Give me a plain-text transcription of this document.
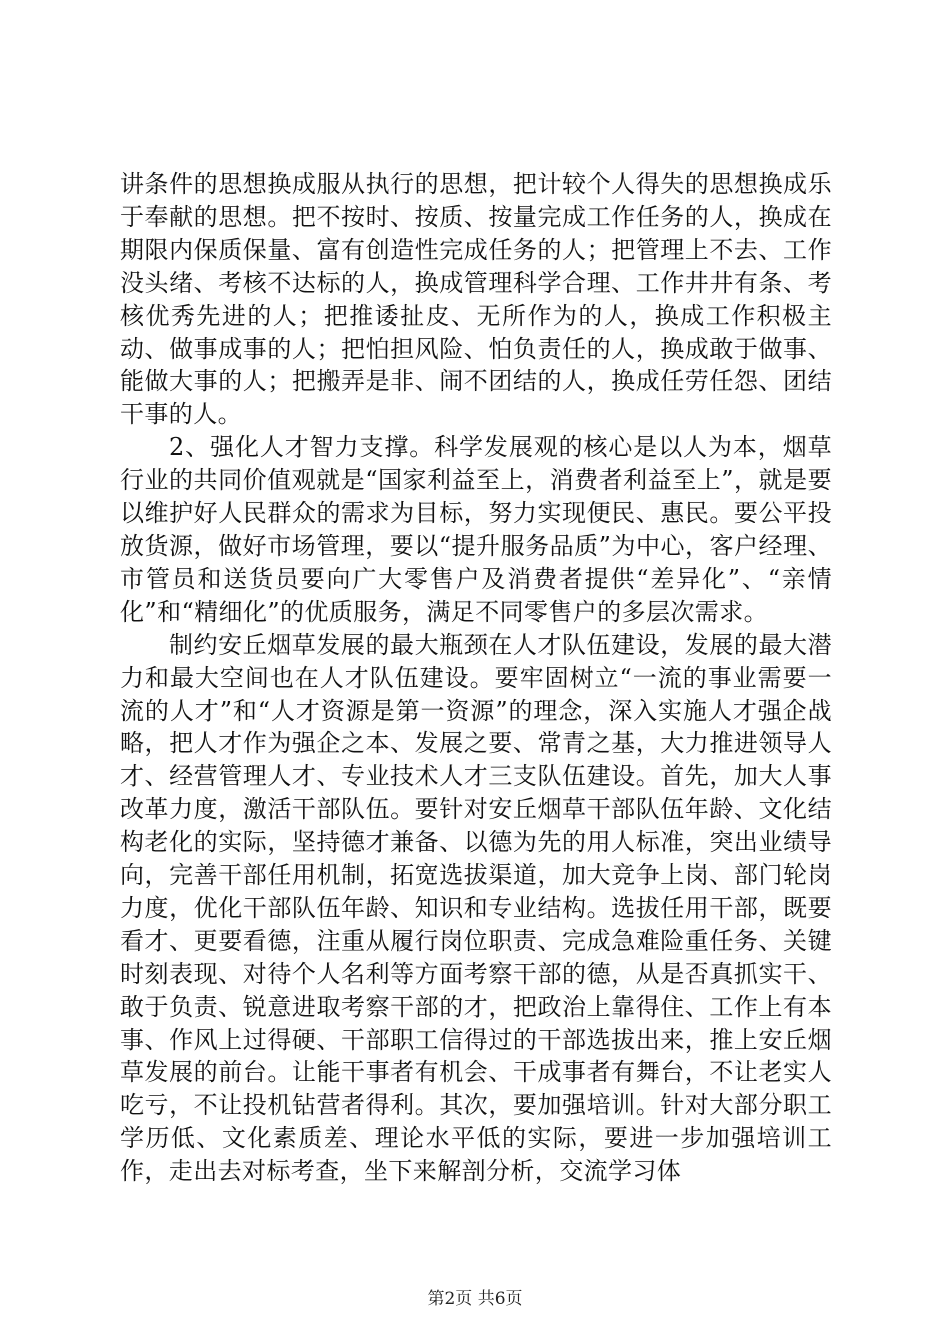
讲条件的思想换成服从执行的思想，把计较个人得失的思想换成乐于奉献的思想。把不按时、按质、按量完成工作任务的人，换成在期限内保质保量、富有创造性完成任务的人；把管理上不去、工作没头绪、考核不达标的人，换成管理科学合理、工作井井有条、考核优秀先进的人；把推诿扯皮、无所作为的人，换成工作积极主动、做事成事的人；把怕担风险、怕负责任的人，换成敢于做事、能做大事的人；把搬弄是非、闹不团结的人，换成任劳任怨、团结干事的人。

2、强化人才智力支撑。科学发展观的核心是以人为本，烟草行业的共同价值观就是“国家利益至上，消费者利益至上”，就是要以维护好人民群众的需求为目标，努力实现便民、惠民。要公平投放货源，做好市场管理，要以“提升服务品质”为中心，客户经理、市管员和送货员要向广大零售户及消费者提供“差异化”、“亲情化”和“精细化”的优质服务，满足不同零售户的多层次需求。

制约安丘烟草发展的最大瓶颈在人才队伍建设，发展的最大潜力和最大空间也在人才队伍建设。要牢固树立“一流的事业需要一流的人才”和“人才资源是第一资源”的理念，深入实施人才强企战略，把人才作为强企之本、发展之要、常青之基，大力推进领导人才、经营管理人才、专业技术人才三支队伍建设。首先，加大人事改革力度，激活干部队伍。要针对安丘烟草干部队伍年龄、文化结构老化的实际，坚持德才兼备、以德为先的用人标准，突出业绩导向，完善干部任用机制，拓宽选拔渠道，加大竞争上岗、部门轮岗力度，优化干部队伍年龄、知识和专业结构。选拔任用干部，既要看才、更要看德，注重从履行岗位职责、完成急难险重任务、关键时刻表现、对待个人名利等方面考察干部的德，从是否真抓实干、敢于负责、锐意进取考察干部的才，把政治上靠得住、工作上有本事、作风上过得硬、干部职工信得过的干部选拔出来，推上安丘烟草发展的前台。让能干事者有机会、干成事者有舞台，不让老实人吃亏，不让投机钻营者得利。其次，要加强培训。针对大部分职工学历低、文化素质差、理论水平低的实际，要进一步加强培训工作，走出去对标考查，坐下来解剖分析，交流学习体

第2页 共6页
